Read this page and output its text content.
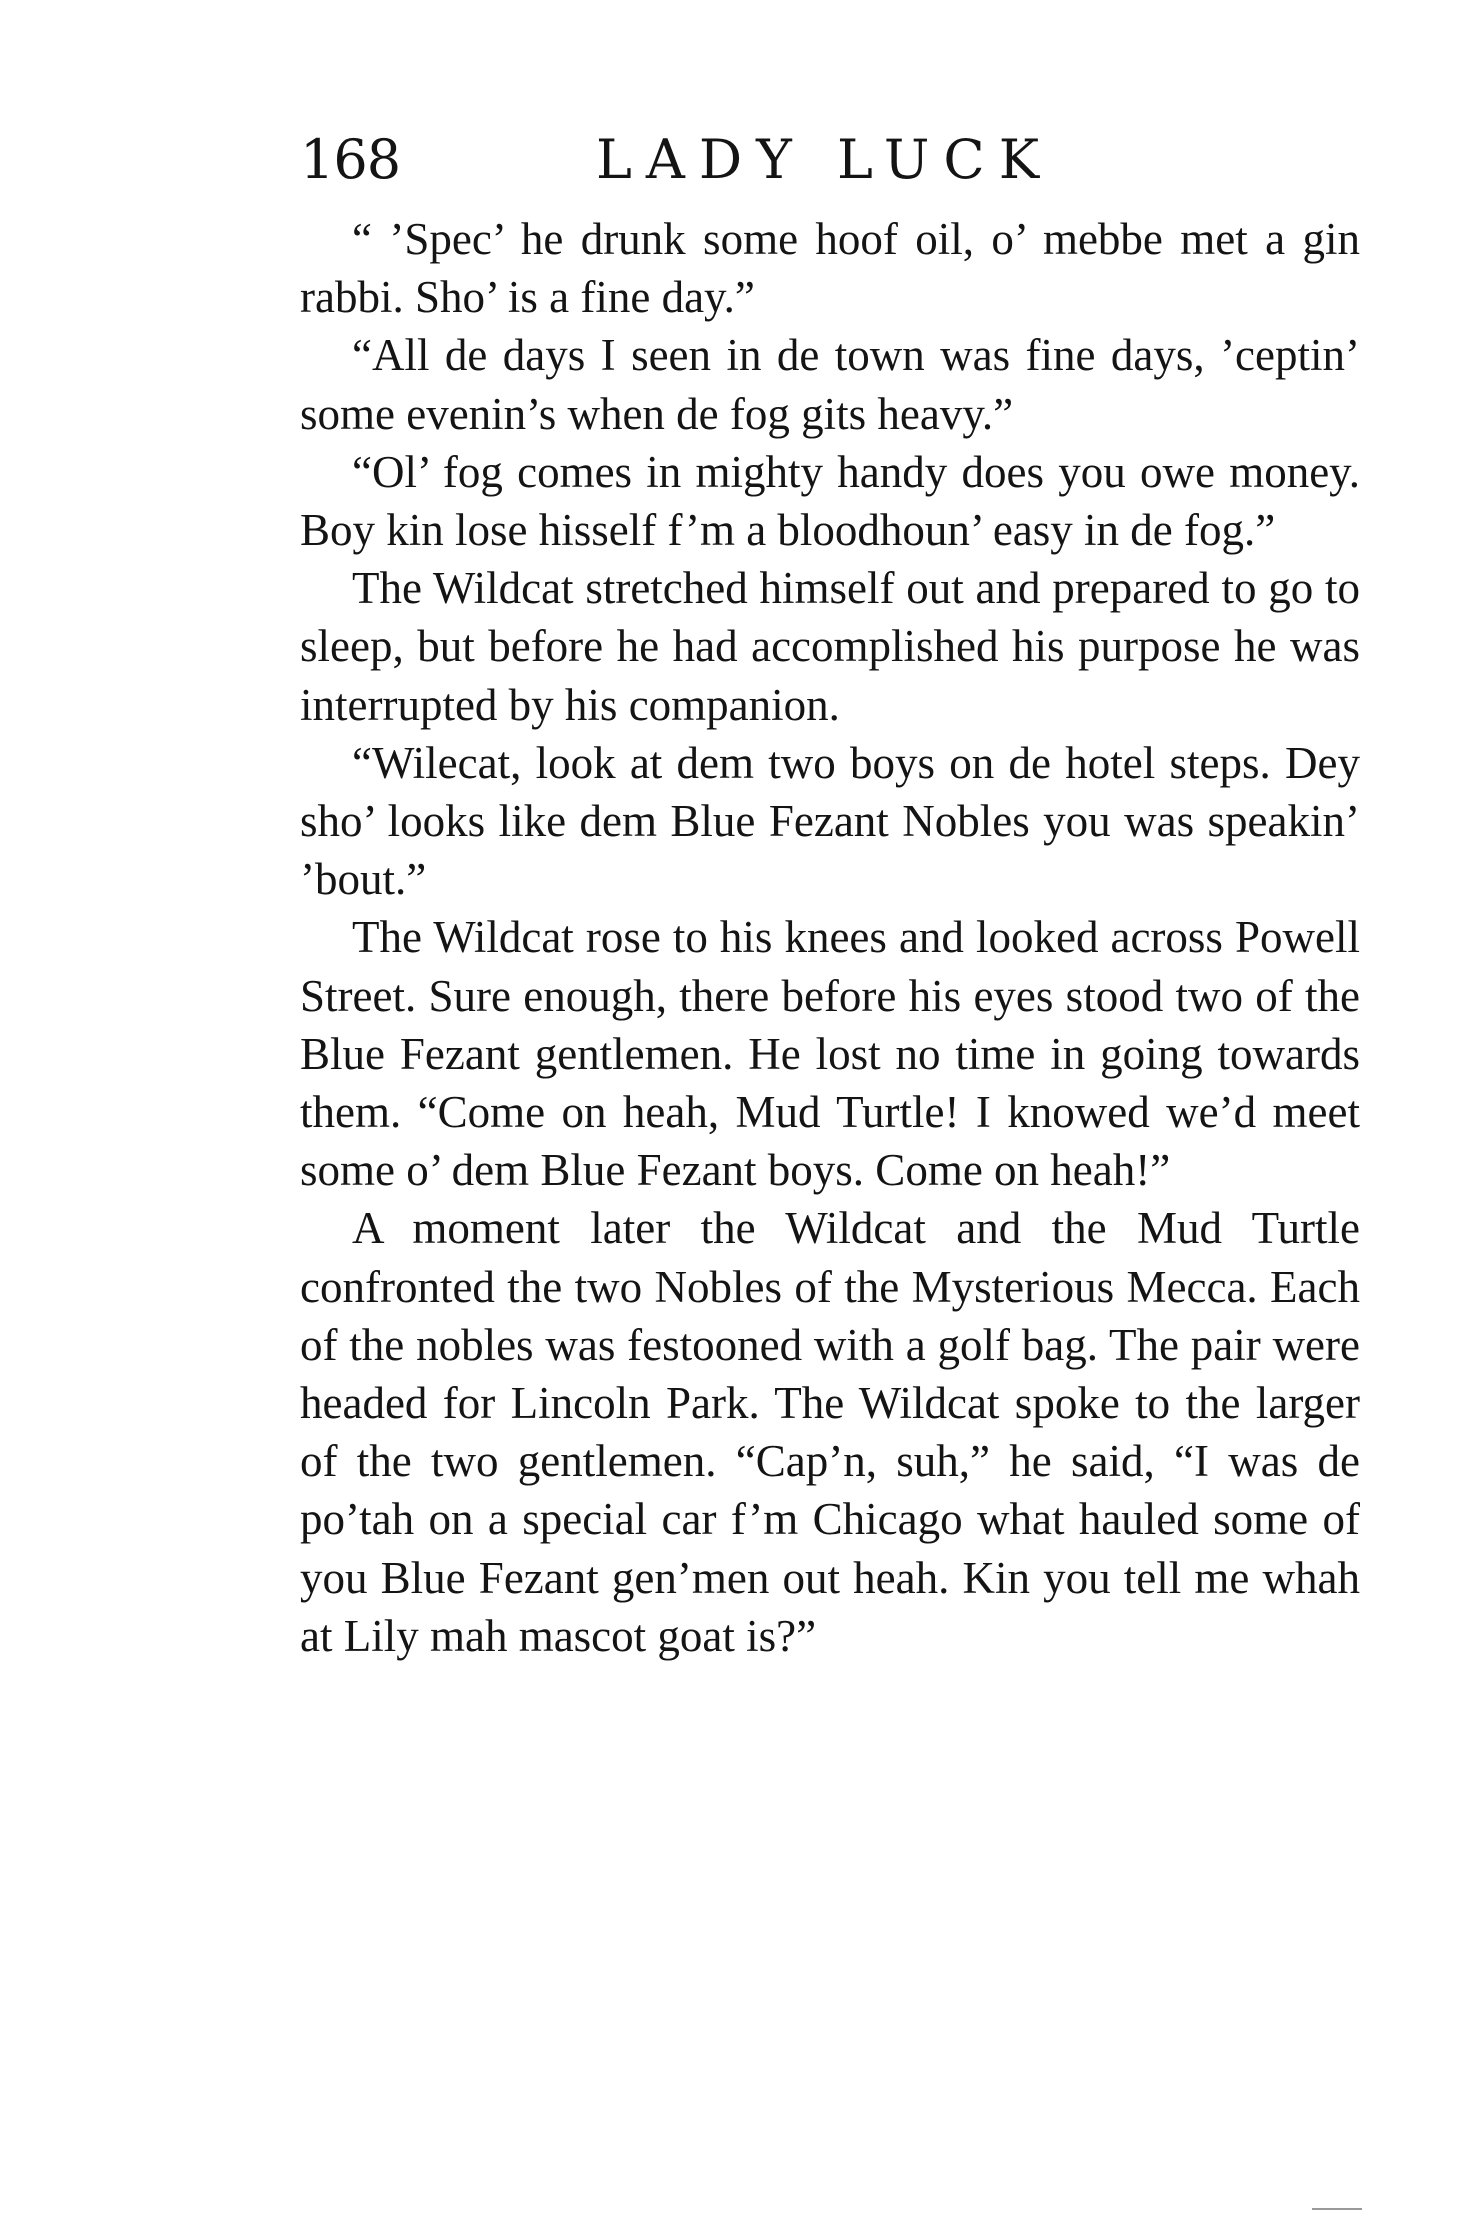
168	LADY LUCK

“ ’Spec’ he drunk some hoof oil, o’ mebbe met a gin rabbi. Sho’ is a fine day.”

“All de days I seen in de town was fine days, ’ceptin’ some evenin’s when de fog gits heavy.”

“Ol’ fog comes in mighty handy does you owe money. Boy kin lose hisself f’m a bloodhoun’ easy in de fog.”

The Wildcat stretched himself out and prepared to go to sleep, but before he had accomplished his purpose he was interrupted by his companion.

“Wilecat, look at dem two boys on de hotel steps. Dey sho’ looks like dem Blue Fezant Nobles you was speakin’ ’bout.”

The Wildcat rose to his knees and looked across Powell Street. Sure enough, there before his eyes stood two of the Blue Fezant gentlemen. He lost no time in going towards them. “Come on heah, Mud Turtle! I knowed we’d meet some o’ dem Blue Fezant boys. Come on heah!”

A moment later the Wildcat and the Mud Turtle confronted the two Nobles of the Mysterious Mecca. Each of the nobles was festooned with a golf bag. The pair were headed for Lincoln Park. The Wildcat spoke to the larger of the two gentlemen. “Cap’n, suh,” he said, “I was de po’tah on a special car f’m Chicago what hauled some of you Blue Fezant gen’men out heah. Kin you tell me whah at Lily mah mascot goat is?”
